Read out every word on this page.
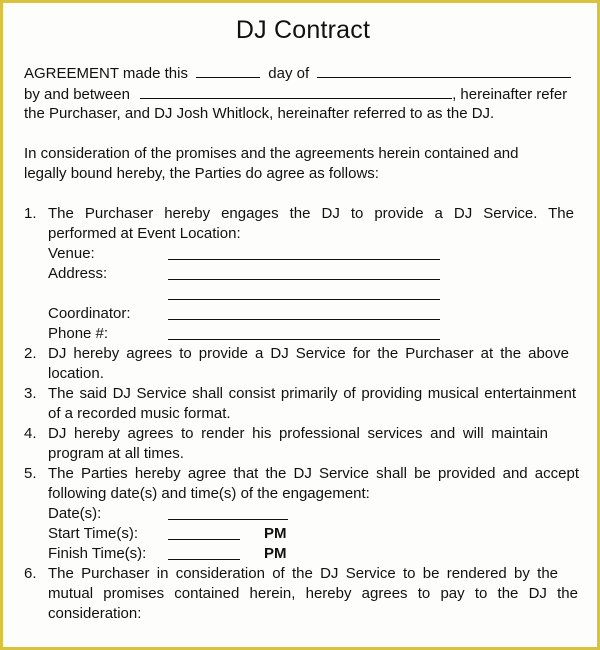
DJ Contract
AGREEMENT made this	day of
by and between	, hereinafter refer
the Purchaser, and DJ Josh Whitlock, hereinafter referred to as the DJ.
In consideration of the promises and the agreements herein contained and
legally bound hereby, the Parties do agree as follows:
1. The Purchaser hereby engages the DJ to provide a DJ Service. The
performed at Event Location:
Venue:
Address:
Coordinator:
Phone #:
2. DJ hereby agrees to provide a DJ Service for the Purchaser at the above
location.
3. The said DJ Service shall consist primarily of providing musical entertainment
of a recorded music format.
4. DJ hereby agrees to render his professional services and will maintain
program at all times.
5. The Parties hereby agree that the DJ Service shall be provided and accept
following date(s) and time(s) of the engagement:
Date(s):
Start Time(s):	PM
Finish Time(s):	PM
6. The Purchaser in consideration of the DJ Service to be rendered by the
mutual promises contained herein, hereby agrees to pay to the DJ the
consideration:
